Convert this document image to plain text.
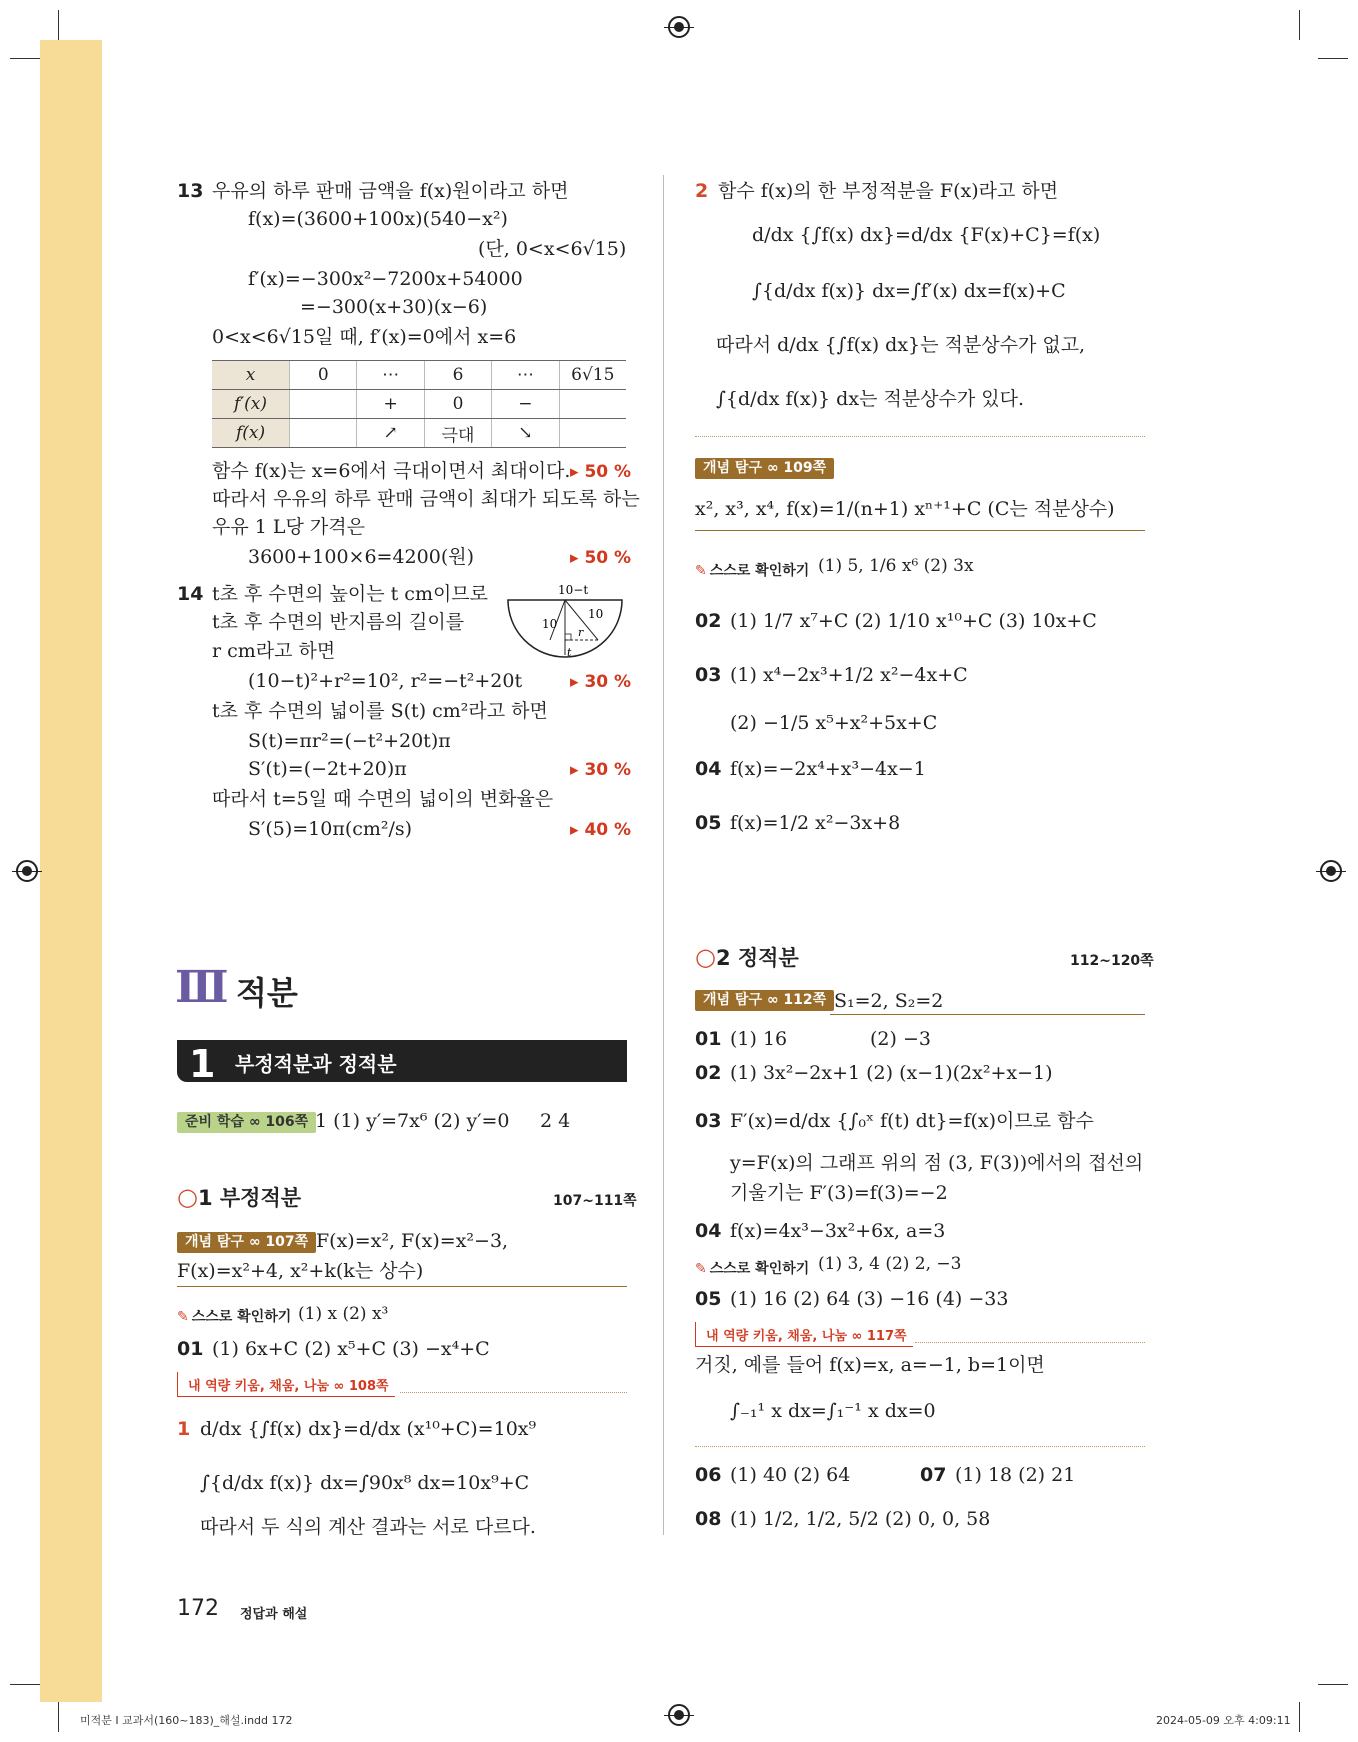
13 우유의 하루 판매 금액을 f(x)원이라고 하면
f(x)=(3600+100x)(540−x²)
(단, 0<x<6√15)
f′(x)=−300x²−7200x+54000
=−300(x+30)(x−6)
0<x<6√15일 때, f′(x)=0에서 x=6
x	0	⋯	6	⋯	6√15
f′(x)		+	0	−	
f(x)		↗	극대	↘	
함수 f(x)는 x=6에서 극대이면서 최대이다. ▸ 50 %
따라서 우유의 하루 판매 금액이 최대가 되도록 하는
우유 1 L당 가격은
3600+100×6=4200(원)	▸ 50 %
14 t초 후 수면의 높이는 t cm이므로
t초 후 수면의 반지름의 길이를
r cm라고 하면
10−t
10
10
r
t
(10−t)²+r²=10², r²=−t²+20t	▸ 30 %
t초 후 수면의 넓이를 S(t) cm²라고 하면
S(t)=πr²=(−t²+20t)π
S′(t)=(−2t+20)π	▸ 30 %
따라서 t=5일 때 수면의 넓이의 변화율은
S′(5)=10π(cm²/s)	▸ 40 %
Ⅲ 적분
1 부정적분과 정적분
준비 학습 ∞ 106쪽 1 (1) y′=7x⁶ (2) y′=0 2 4
○1 부정적분	107~111쪽
개념 탐구 ∞ 107쪽 F(x)=x², F(x)=x²−3,
F(x)=x²+4, x²+k(k는 상수)
✎ 스스로 확인하기 (1) x (2) x³
01 (1) 6x+C (2) x⁵+C (3) −x⁴+C
내 역량 키움, 채움, 나눔 ∞ 108쪽
1 d/dx {∫f(x) dx}=d/dx (x¹⁰+C)=10x⁹
∫{d/dx f(x)} dx=∫90x⁸ dx=10x⁹+C
따라서 두 식의 계산 결과는 서로 다르다.
172 정답과 해설
2 함수 f(x)의 한 부정적분을 F(x)라고 하면
d/dx {∫f(x) dx}=d/dx {F(x)+C}=f(x)
∫{d/dx f(x)} dx=∫f′(x) dx=f(x)+C
따라서 d/dx {∫f(x) dx}는 적분상수가 없고,
∫{d/dx f(x)} dx는 적분상수가 있다.
개념 탐구 ∞ 109쪽
x², x³, x⁴, f(x)=1/(n+1) xⁿ⁺¹+C (C는 적분상수)
✎ 스스로 확인하기 (1) 5, 1/6 x⁶ (2) 3x
02 (1) 1/7 x⁷+C (2) 1/10 x¹⁰+C (3) 10x+C
03 (1) x⁴−2x³+1/2 x²−4x+C
(2) −1/5 x⁵+x²+5x+C
04 f(x)=−2x⁴+x³−4x−1
05 f(x)=1/2 x²−3x+8
○2 정적분	112~120쪽
개념 탐구 ∞ 112쪽 S₁=2, S₂=2
01 (1) 16	(2) −3
02 (1) 3x²−2x+1 (2) (x−1)(2x²+x−1)
03 F′(x)=d/dx {∫₀ˣ f(t) dt}=f(x)이므로 함수
y=F(x)의 그래프 위의 점 (3, F(3))에서의 접선의
기울기는 F′(3)=f(3)=−2
04 f(x)=4x³−3x²+6x, a=3
✎ 스스로 확인하기 (1) 3, 4 (2) 2, −3
05 (1) 16 (2) 64 (3) −16 (4) −33
내 역량 키움, 채움, 나눔 ∞ 117쪽
거짓, 예를 들어 f(x)=x, a=−1, b=1이면
∫₋₁¹ x dx=∫₁⁻¹ x dx=0
06 (1) 40 (2) 64	07 (1) 18 (2) 21
08 (1) 1/2, 1/2, 5/2 (2) 0, 0, 58
미적분 Ⅰ 교과서(160~183)_해설.indd 172	2024-05-09 오후 4:09:11
